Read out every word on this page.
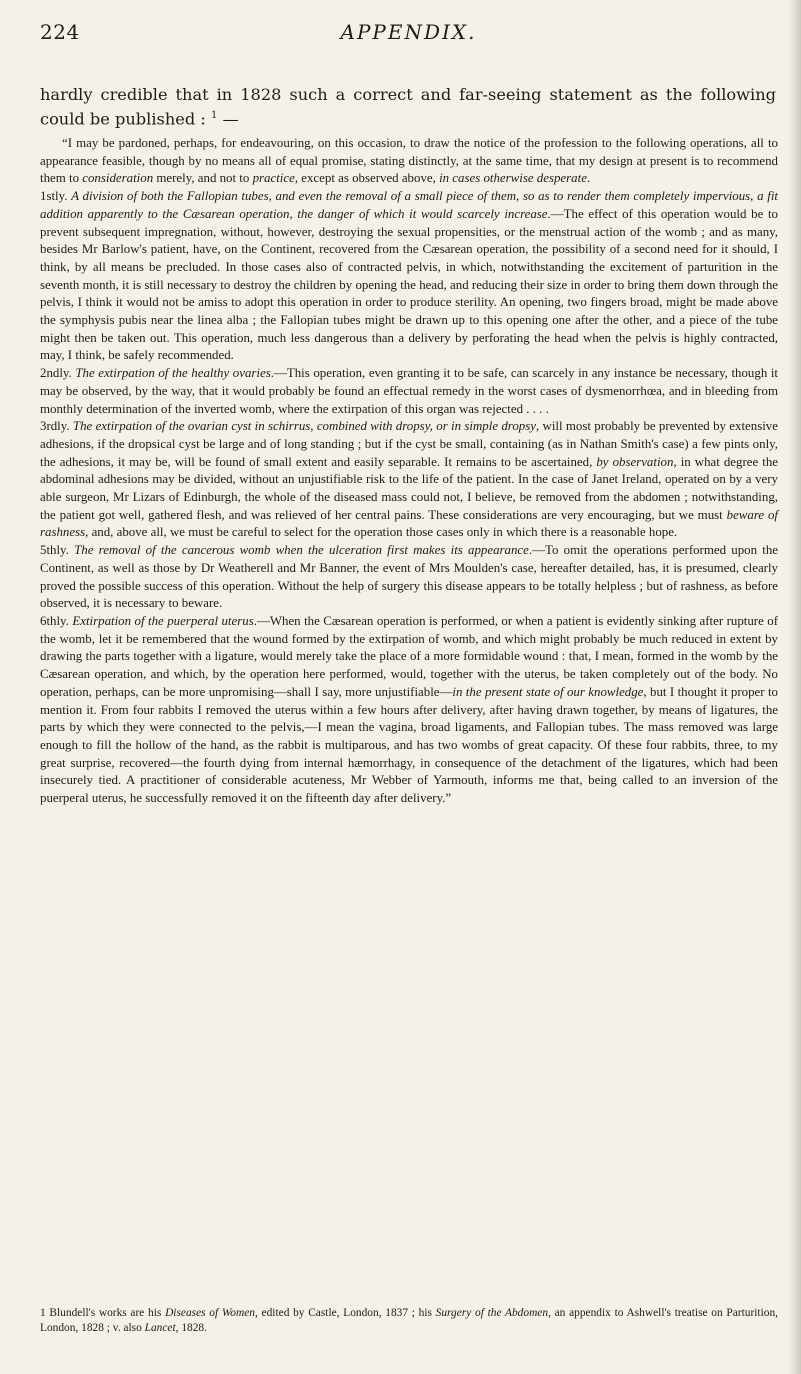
224	APPENDIX.
hardly credible that in 1828 such a correct and far-seeing statement as the following could be published : $^1$ —

“I may be pardoned, perhaps, for endeavouring, on this occasion, to draw the notice of the profession to the following operations, all to appearance feasible, though by no means all of equal promise, stating distinctly, at the same time, that my design at present is to recommend them to consideration merely, and not to practice, except as observed above, in cases otherwise desperate.

1stly. A division of both the Fallopian tubes, and even the removal of a small piece of them, so as to render them completely impervious, a fit addition apparently to the Cæsarean operation, the danger of which it would scarcely increase.—The effect of this operation would be to prevent subsequent impregnation, without, however, destroying the sexual propensities, or the menstrual action of the womb ; and as many, besides Mr Barlow's patient, have, on the Continent, recovered from the Cæsarean operation, the possibility of a second need for it should, I think, by all means be precluded. In those cases also of contracted pelvis, in which, notwithstanding the excitement of parturition in the seventh month, it is still necessary to destroy the children by opening the head, and reducing their size in order to bring them down through the pelvis, I think it would not be amiss to adopt this operation in order to produce sterility. An opening, two fingers broad, might be made above the symphysis pubis near the linea alba ; the Fallopian tubes might be drawn up to this opening one after the other, and a piece of the tube might then be taken out. This operation, much less dangerous than a delivery by perforating the head when the pelvis is highly contracted, may, I think, be safely recommended.

2ndly. The extirpation of the healthy ovaries.—This operation, even granting it to be safe, can scarcely in any instance be necessary, though it may be observed, by the way, that it would probably be found an effectual remedy in the worst cases of dysmenorrhœa, and in bleeding from monthly determination of the inverted womb, where the extirpation of this organ was rejected . . . .

3rdly. The extirpation of the ovarian cyst in schirrus, combined with dropsy, or in simple dropsy, will most probably be prevented by extensive adhesions, if the dropsical cyst be large and of long standing ; but if the cyst be small, containing (as in Nathan Smith's case) a few pints only, the adhesions, it may be, will be found of small extent and easily separable. It remains to be ascertained, by observation, in what degree the abdominal adhesions may be divided, without an unjustifiable risk to the life of the patient. In the case of Janet Ireland, operated on by a very able surgeon, Mr Lizars of Edinburgh, the whole of the diseased mass could not, I believe, be removed from the abdomen ; notwithstanding, the patient got well, gathered flesh, and was relieved of her central pains. These considerations are very encouraging, but we must beware of rashness, and, above all, we must be careful to select for the operation those cases only in which there is a reasonable hope.

5thly. The removal of the cancerous womb when the ulceration first makes its appearance.—To omit the operations performed upon the Continent, as well as those by Dr Weatherell and Mr Banner, the event of Mrs Moulden's case, hereafter detailed, has, it is presumed, clearly proved the possible success of this operation. Without the help of surgery this disease appears to be totally helpless ; but of rashness, as before observed, it is necessary to beware.

6thly. Extirpation of the puerperal uterus.—When the Cæsarean operation is performed, or when a patient is evidently sinking after rupture of the womb, let it be remembered that the wound formed by the extirpation of womb, and which might probably be much reduced in extent by drawing the parts together with a ligature, would merely take the place of a more formidable wound : that, I mean, formed in the womb by the Cæsarean operation, and which, by the operation here performed, would, together with the uterus, be taken completely out of the body. No operation, perhaps, can be more unpromising—shall I say, more unjustifiable—in the present state of our knowledge, but I thought it proper to mention it. From four rabbits I removed the uterus within a few hours after delivery, after having drawn together, by means of ligatures, the parts by which they were connected to the pelvis,—I mean the vagina, broad ligaments, and Fallopian tubes. The mass removed was large enough to fill the hollow of the hand, as the rabbit is multiparous, and has two wombs of great capacity. Of these four rabbits, three, to my great surprise, recovered—the fourth dying from internal hæmorrhagy, in consequence of the detachment of the ligatures, which had been insecurely tied. A practitioner of considerable acuteness, Mr Webber of Yarmouth, informs me that, being called to an inversion of the puerperal uterus, he successfully removed it on the fifteenth day after delivery.”

1 Blundell's works are his Diseases of Women, edited by Castle, London, 1837 ; his Surgery of the Abdomen, an appendix to Ashwell's treatise on Parturition, London, 1828 ; v. also Lancet, 1828.
